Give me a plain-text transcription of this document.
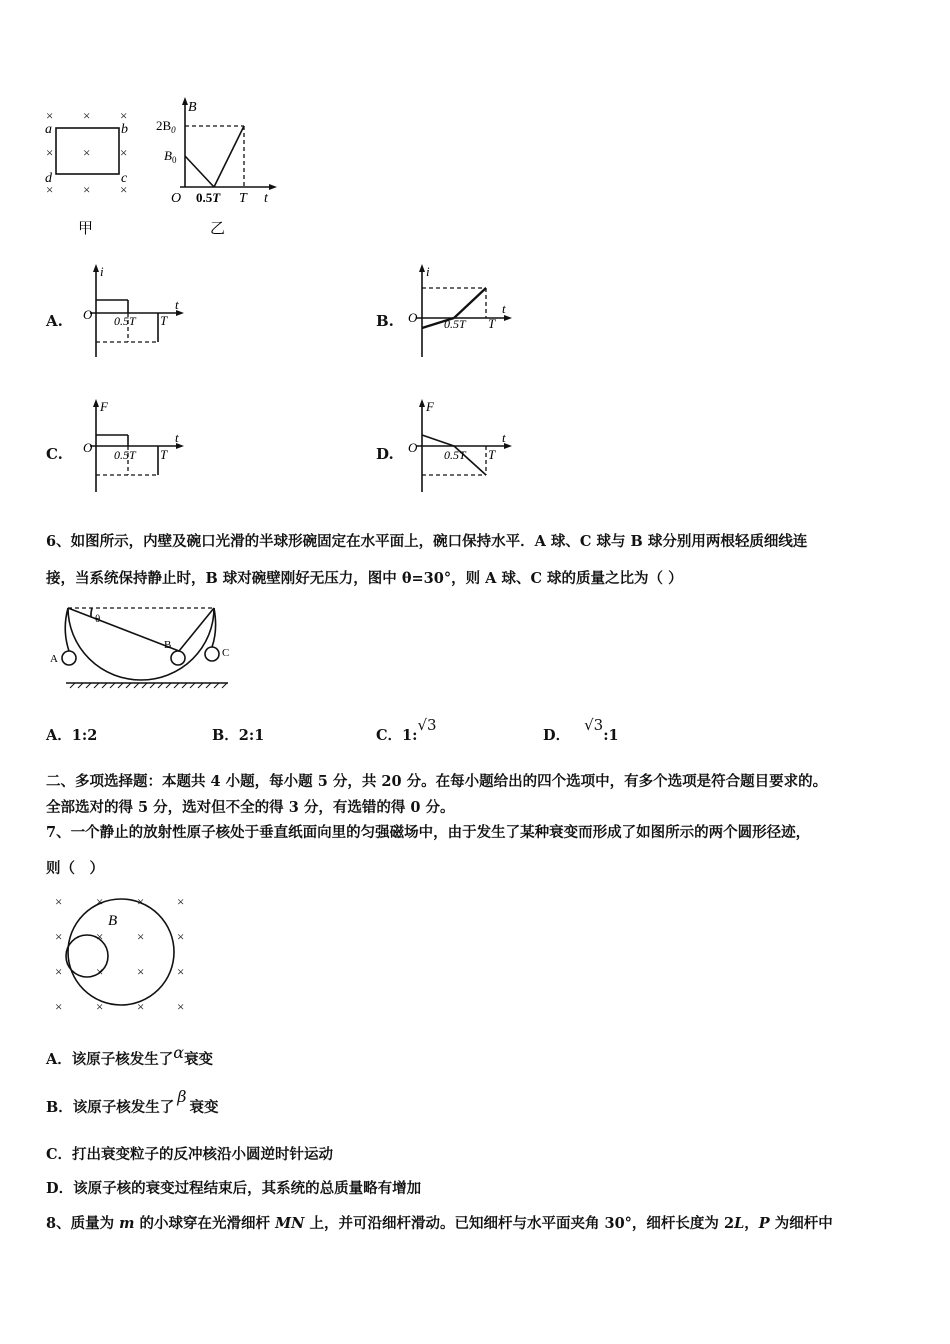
× × ×
× × ×
× × ×
a	b
c
d
甲
B
$2B_0$
$B_0$
O 0.5T T t
乙
A.
i
O
t
0.5T T	B.
i
O
t
0.5T T
C.
F
O
t
0.5T T	D.
F
O
t
0.5T T
6、如图所示，内壁及碗口光滑的半球形碗固定在水平面上，碗口保持水平．A 球、C 球与 B 球分别用两根轻质细线连
接，当系统保持静止时，B 球对碗壁刚好无压力，图中 θ=30°，则 A 球、C 球的质量之比为（ ）
θ
A
B
C
A．1:2	B．2:1	C．1:√3
D．√3:1
二、多项选择题：本题共 4 小题，每小题 5 分，共 20 分。在每小题给出的四个选项中，有多个选项是符合题目要求的。
全部选对的得 5 分，选对但不全的得 3 分，有选错的得 0 分。
7、一个静止的放射性原子核处于垂直纸面向里的匀强磁场中，由于发生了某种衰变而形成了如图所示的两个圆形径迹，
则（　）
×	×	×	×
×	×	×	×
×	×	×	×
×	×	×	×
B
A．该原子核发生了α衰变
B．该原子核发生了β衰变
C．打出衰变粒子的反冲核沿小圆逆时针运动
D．该原子核的衰变过程结束后，其系统的总质量略有增加
8、质量为 m 的小球穿在光滑细杆 MN 上，并可沿细杆滑动。已知细杆与水平面夹角 30°，细杆长度为 2L，P 为细杆中
